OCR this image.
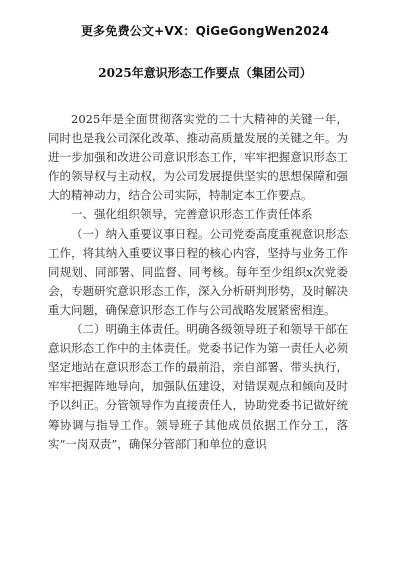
更多免费公文+VX：QiGeGongWen2024
2025年意识形态工作要点（集团公司）

2025年是全面贯彻落实党的二十大精神的关键一年，同时也是我公司深化改革、推动高质量发展的关键之年。为进一步加强和改进公司意识形态工作，牢牢把握意识形态工作的领导权与主动权，为公司发展提供坚实的思想保障和强大的精神动力，结合公司实际，特制定本工作要点。

一、强化组织领导，完善意识形态工作责任体系

（一）纳入重要议事日程。公司党委高度重视意识形态工作，将其纳入重要议事日程的核心内容，坚持与业务工作同规划、同部署、同监督、同考核。每年至少组织x次党委会，专题研究意识形态工作，深入分析研判形势，及时解决重大问题，确保意识形态工作与公司战略发展紧密相连。

（二）明确主体责任。明确各级领导班子和领导干部在意识形态工作中的主体责任。党委书记作为第一责任人必须坚定地站在意识形态工作的最前沿，亲自部署、带头执行，牢牢把握阵地导向，加强队伍建设，对错误观点和倾向及时予以纠正。分管领导作为直接责任人，协助党委书记做好统筹协调与指导工作。领导班子其他成员依据工作分工，落实“一岗双责”，确保分管部门和单位的意识
